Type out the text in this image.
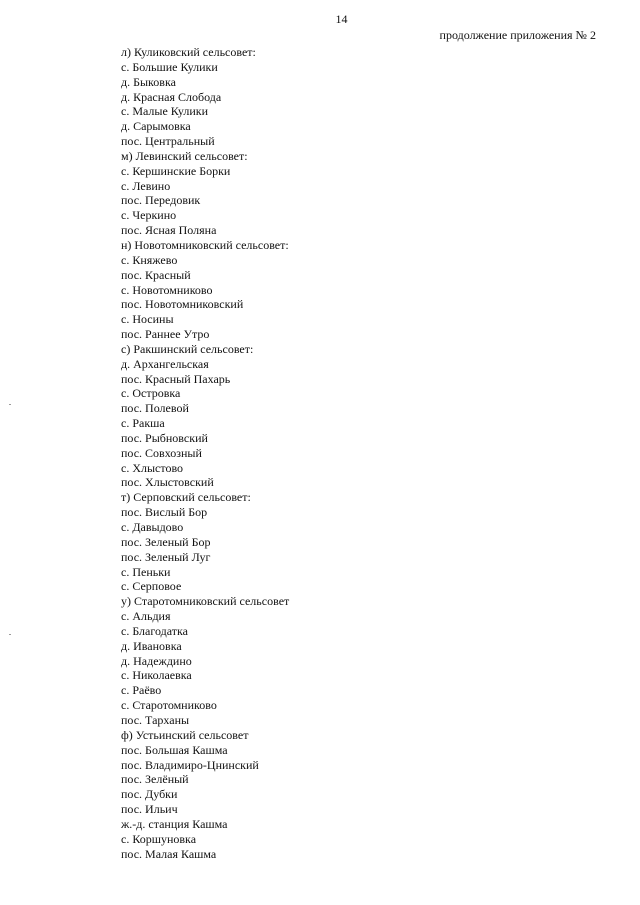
14
продолжение приложения № 2
л) Куликовский сельсовет:
с. Большие Кулики
д. Быковка
д. Красная Слобода
с. Малые Кулики
д. Сарымовка
пос. Центральный
м) Левинский сельсовет:
с. Кершинские Борки
с. Левино
пос. Передовик
с. Черкино
пос. Ясная Поляна
н) Новотомниковский сельсовет:
с. Княжево
пос. Красный
с. Новотомниково
пос. Новотомниковский
с. Носины
пос. Раннее Утро
с) Ракшинский сельсовет:
д. Архангельская
пос. Красный Пахарь
с. Островка
пос. Полевой
с. Ракша
пос. Рыбновский
пос. Совхозный
с. Хлыстово
пос. Хлыстовский
т) Серповский сельсовет:
пос. Вислый Бор
с. Давыдово
пос. Зеленый Бор
пос. Зеленый Луг
с. Пеньки
с. Серповое
у) Старотомниковский сельсовет
с. Альдия
с. Благодатка
д. Ивановка
д. Надеждино
с. Николаевка
с. Раёво
с. Старотомниково
пос. Тарханы
ф) Устьинский сельсовет
пос. Большая Кашма
пос. Владимиро-Цнинский
пос. Зелёный
пос. Дубки
пос. Ильич
ж.-д. станция Кашма
с. Коршуновка
пос. Малая Кашма
